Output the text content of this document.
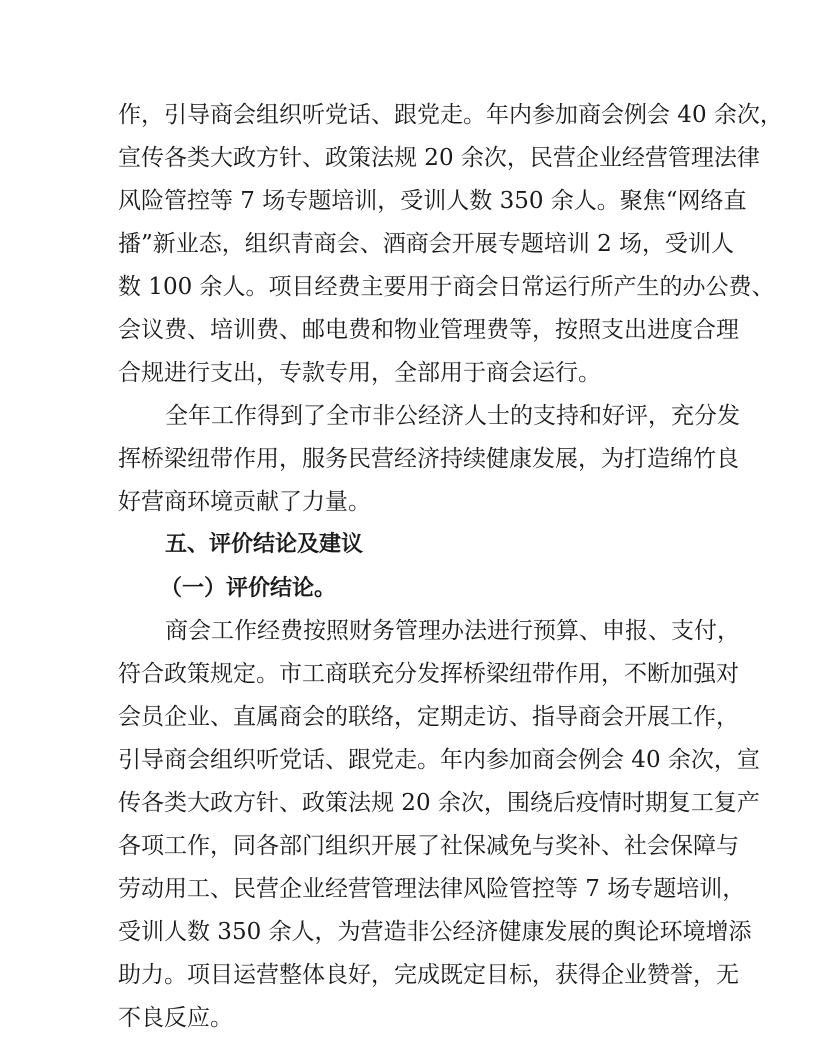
作，引导商会组织听党话、跟党走。年内参加商会例会 40 余次，
宣传各类大政方针、政策法规 20 余次，民营企业经营管理法律
风险管控等 7 场专题培训，受训人数 350 余人。聚焦“网络直
播”新业态，组织青商会、酒商会开展专题培训 2 场，受训人
数 100 余人。项目经费主要用于商会日常运行所产生的办公费、
会议费、培训费、邮电费和物业管理费等，按照支出进度合理
合规进行支出，专款专用，全部用于商会运行。
全年工作得到了全市非公经济人士的支持和好评，充分发
挥桥梁纽带作用，服务民营经济持续健康发展，为打造绵竹良
好营商环境贡献了力量。
五、评价结论及建议
（一）评价结论。
商会工作经费按照财务管理办法进行预算、申报、支付，
符合政策规定。市工商联充分发挥桥梁纽带作用，不断加强对
会员企业、直属商会的联络，定期走访、指导商会开展工作，
引导商会组织听党话、跟党走。年内参加商会例会 40 余次，宣
传各类大政方针、政策法规 20 余次，围绕后疫情时期复工复产
各项工作，同各部门组织开展了社保减免与奖补、社会保障与
劳动用工、民营企业经营管理法律风险管控等 7 场专题培训，
受训人数 350 余人，为营造非公经济健康发展的舆论环境增添
助力。项目运营整体良好，完成既定目标，获得企业赞誉，无
不良反应。
